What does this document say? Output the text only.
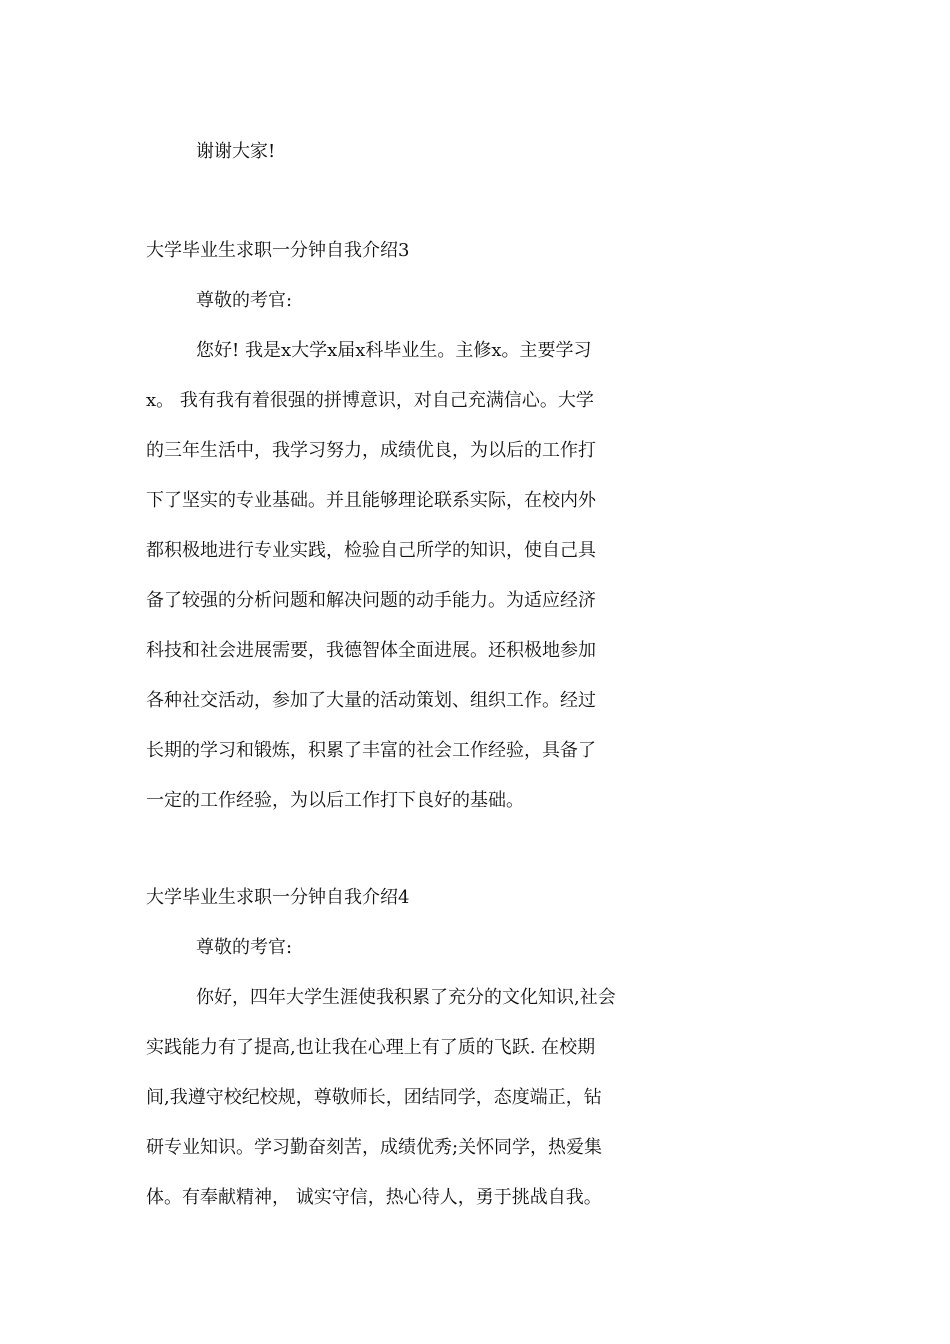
谢谢大家!
大学毕业生求职一分钟自我介绍3
尊敬的考官:
您好! 我是x大学x届x科毕业生。主修x。主要学习
x。 我有我有着很强的拼博意识，对自己充满信心。大学
的三年生活中，我学习努力，成绩优良，为以后的工作打
下了坚实的专业基础。并且能够理论联系实际，在校内外
都积极地进行专业实践，检验自己所学的知识，使自己具
备了较强的分析问题和解决问题的动手能力。为适应经济
科技和社会进展需要，我德智体全面进展。还积极地参加
各种社交活动，参加了大量的活动策划、组织工作。经过
长期的学习和锻炼，积累了丰富的社会工作经验，具备了
一定的工作经验，为以后工作打下良好的基础。
大学毕业生求职一分钟自我介绍4
尊敬的考官:
你好，四年大学生涯使我积累了充分的文化知识,社会
实践能力有了提高,也让我在心理上有了质的飞跃. 在校期
间,我遵守校纪校规，尊敬师长，团结同学，态度端正，钻
研专业知识。学习勤奋刻苦，成绩优秀;关怀同学，热爱集
体。有奉献精神， 诚实守信，热心待人，勇于挑战自我。
